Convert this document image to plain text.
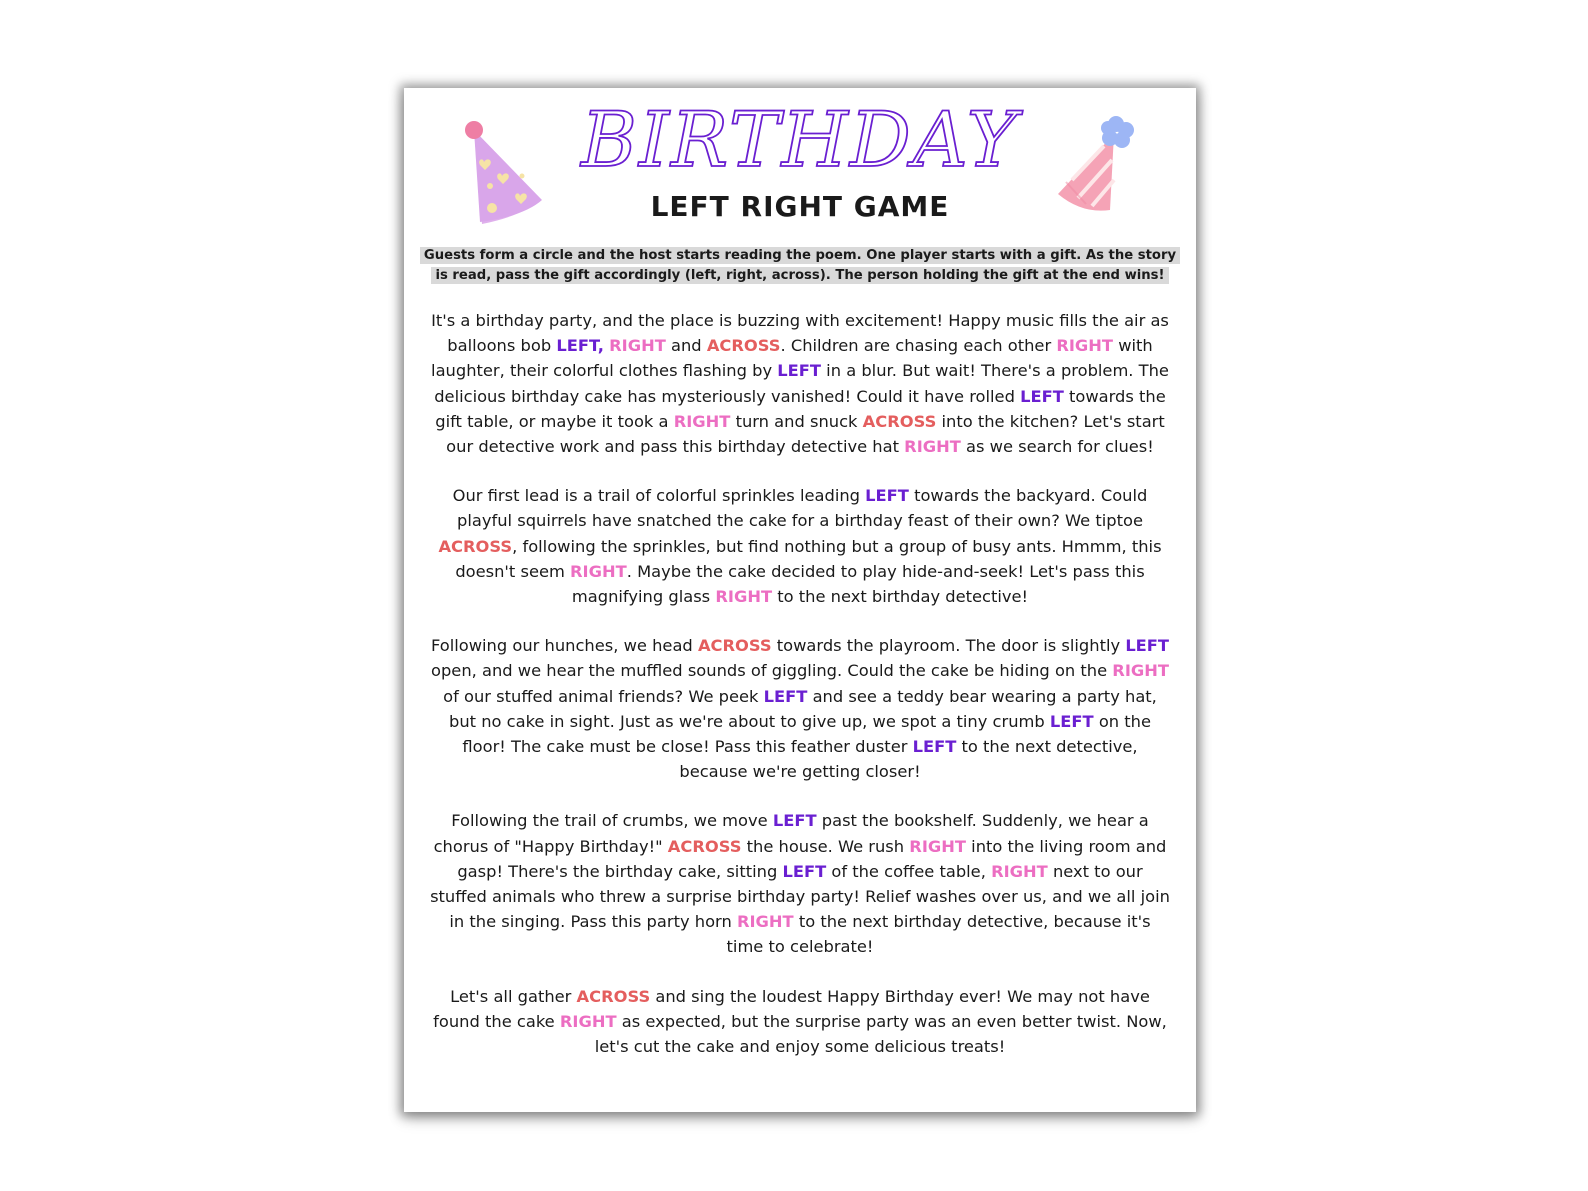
BIRTHDAY
LEFT RIGHT GAME
Guests form a circle and the host starts reading the poem. One player starts with a gift. As the story is read, pass the gift accordingly (left, right, across). The person holding the gift at the end wins!

It's a birthday party, and the place is buzzing with excitement! Happy music fills the air as balloons bob LEFT, RIGHT and ACROSS. Children are chasing each other RIGHT with laughter, their colorful clothes flashing by LEFT in a blur. But wait! There's a problem. The delicious birthday cake has mysteriously vanished! Could it have rolled LEFT towards the gift table, or maybe it took a RIGHT turn and snuck ACROSS into the kitchen? Let's start our detective work and pass this birthday detective hat RIGHT as we search for clues!

Our first lead is a trail of colorful sprinkles leading LEFT towards the backyard. Could playful squirrels have snatched the cake for a birthday feast of their own? We tiptoe ACROSS, following the sprinkles, but find nothing but a group of busy ants. Hmmm, this doesn't seem RIGHT. Maybe the cake decided to play hide-and-seek! Let's pass this magnifying glass RIGHT to the next birthday detective!

Following our hunches, we head ACROSS towards the playroom. The door is slightly LEFT open, and we hear the muffled sounds of giggling. Could the cake be hiding on the RIGHT of our stuffed animal friends? We peek LEFT and see a teddy bear wearing a party hat, but no cake in sight. Just as we're about to give up, we spot a tiny crumb LEFT on the floor! The cake must be close! Pass this feather duster LEFT to the next detective, because we're getting closer!

Following the trail of crumbs, we move LEFT past the bookshelf. Suddenly, we hear a chorus of "Happy Birthday!" ACROSS the house. We rush RIGHT into the living room and gasp! There's the birthday cake, sitting LEFT of the coffee table, RIGHT next to our stuffed animals who threw a surprise birthday party! Relief washes over us, and we all join in the singing. Pass this party horn RIGHT to the next birthday detective, because it's time to celebrate!

Let's all gather ACROSS and sing the loudest Happy Birthday ever! We may not have found the cake RIGHT as expected, but the surprise party was an even better twist. Now, let's cut the cake and enjoy some delicious treats!
